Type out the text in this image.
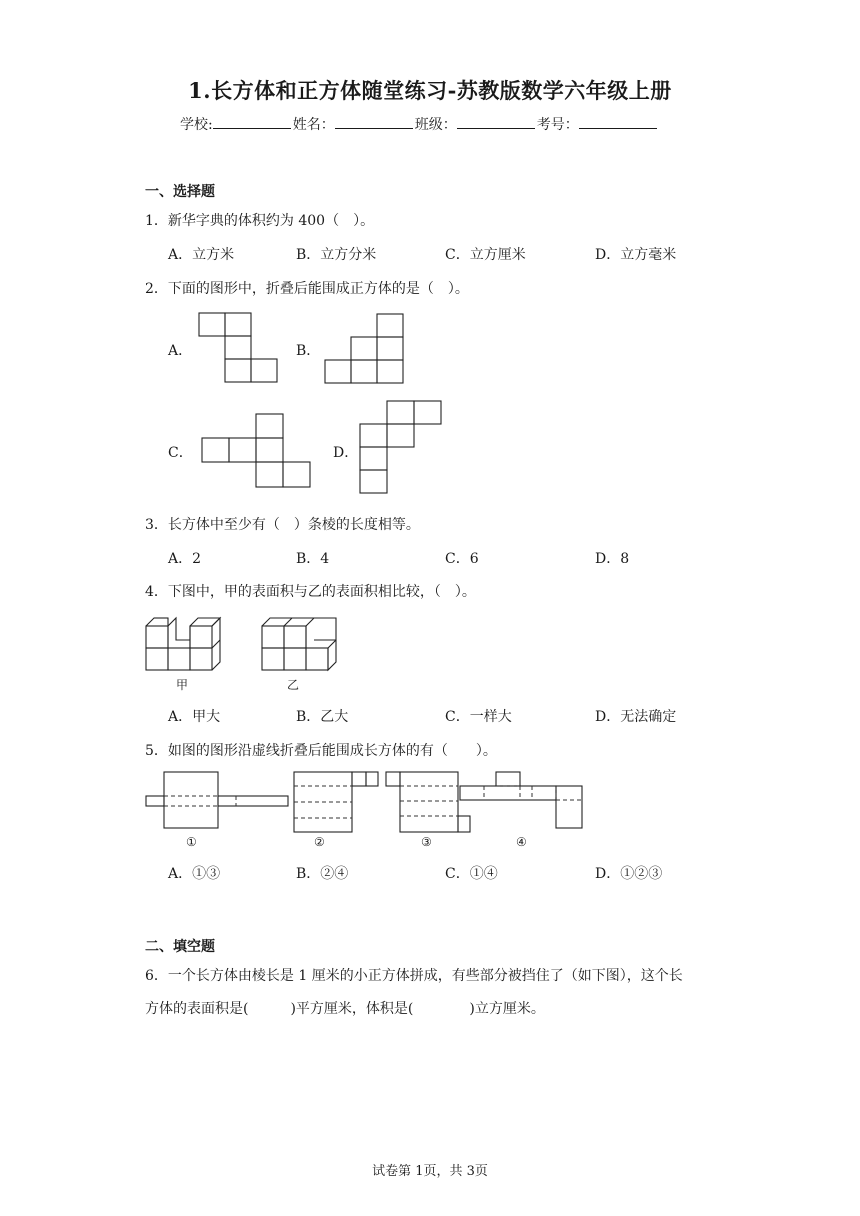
1.长方体和正方体随堂练习-苏教版数学六年级上册
学校:	姓名：	班级：	考号：
一、选择题
1．新华字典的体积约为 400（　）。
A．立方米	B．立方分米	C．立方厘米	D．立方毫米
2．下面的图形中，折叠后能围成正方体的是（　）。
A．	B．
C．	D．
3．长方体中至少有（　）条棱的长度相等。
A．2	B．4	C．6	D．8
4．下图中，甲的表面积与乙的表面积相比较，（　）。
甲	乙
A．甲大	B．乙大	C．一样大	D．无法确定
5．如图的图形沿虚线折叠后能围成长方体的有（　　）。
①	②	③	④
A．①③	B．②④	C．①④	D．①②③
二、填空题
6．一个长方体由棱长是 1 厘米的小正方体拼成，有些部分被挡住了（如下图），这个长
方体的表面积是(　　　)平方厘米，体积是(　　　　)立方厘米。
试卷第 1页，共 3页
